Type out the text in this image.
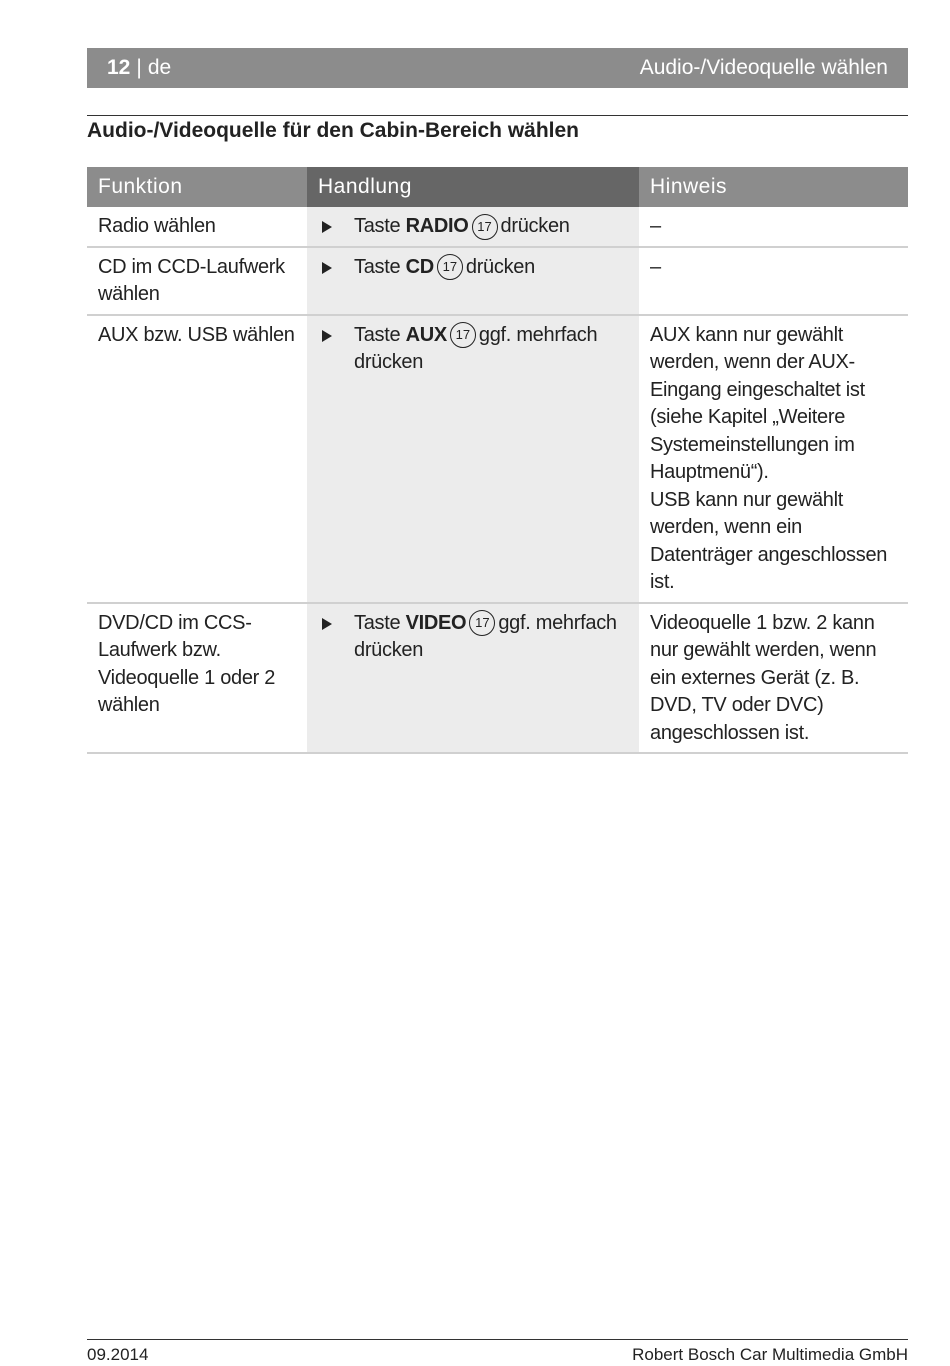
12 | de	Audio-/Videoquelle wählen
Audio-/Videoquelle für den Cabin-Bereich wählen
Funktion	Handlung	Hinweis
Radio wählen	Taste RADIO 17 drücken	–

CD im CCD-Laufwerk wählen	Taste CD 17 drücken	–

AUX bzw. USB wählen	Taste AUX 17 ggf. mehrfach drücken	AUX kann nur gewählt werden, wenn der AUX-Eingang eingeschaltet ist (siehe Kapitel „Weitere Systemeinstellungen im Hauptmenü“).
USB kann nur gewählt werden, wenn ein Datenträger angeschlossen ist.

DVD/CD im CCS-Laufwerk bzw. Videoquelle 1 oder 2 wählen	Taste VIDEO 17 ggf. mehrfach drücken	Videoquelle 1 bzw. 2 kann nur gewählt werden, wenn ein externes Gerät (z. B. DVD, TV oder DVC) angeschlossen ist.
09.2014	Robert Bosch Car Multimedia GmbH
